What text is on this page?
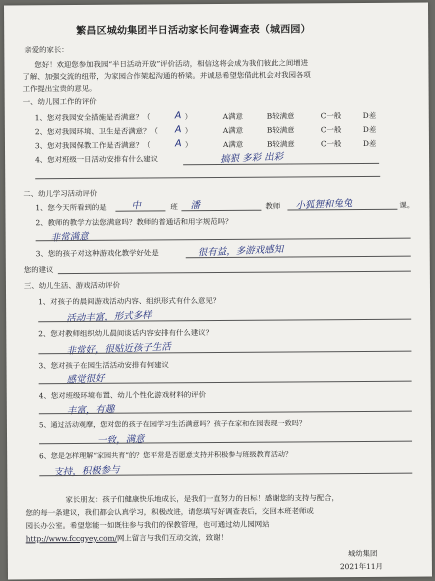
繁昌区城幼集团半日活动家长问卷调查表（城西园）
亲爱的家长：
您好！欢迎您参加我园“半日活动开放”评价活动，相信这将会成为我们彼此之间增进
了解、加强交流的纽带，为家园合作架起沟通的桥梁。并诚恳希望您借此机会对我园各项
工作提出宝贵的意见。
一、幼儿园工作的评价
1、您对我园安全措施是否满意？（	A ）	A满意	B较满意	C一般	D差
2、您对我园环境、卫生是否满意？（ A ）	A满意	B较满意	C一般	D差
3、您对我园保教工作是否满意？（	A ）	A满意	B较满意	C一般	D差
4、您对班级一日活动安排有什么建议	搞狠 多彩 出彩
二、幼儿学习活动评价
1、您今天所看到的是	中	班 潘	教师 小狐狸和兔兔	课。
2、教师的教学方法您满意吗？教师的普通话和用字规范吗？
非常满意
3、您的孩子对这种游戏化教学好处是	很有益，多游戏感知
您的建议
三、幼儿生活、游戏活动评价
1、对孩子的晨间游戏活动内容、组织形式有什么意见？
活动丰富，形式多样
2、您对教师组织幼儿晨间谈话内容安排有什么建议？
非常好，很贴近孩子生活
3、您对孩子在园生活活动安排有何建议
感觉很好
4、您对班级环境布置、幼儿个性化游戏材料的评价
丰富，有趣
5、通过活动观摩，您对您的孩子在园学习生活满意吗？孩子在家和在园表现一致吗？
一致，满意
6、您是怎样理解“家园共育”的？您平常是否愿意支持并积极参与班级教育活动？
支持，积极参与
家长朋友：孩子们健康快乐地成长，是我们一直努力的目标！感谢您的支持与配合，
您的每一条建议，我们都会认真学习，积极改进，请您填写好调查表后，交回本班老师或
园长办公室。希望您能一如既往参与我们的保教管理，也可通过幼儿园网站
http://www.fccgyey.com/网上留言与我们互动交流，致谢！
城幼集团
2021年11月
